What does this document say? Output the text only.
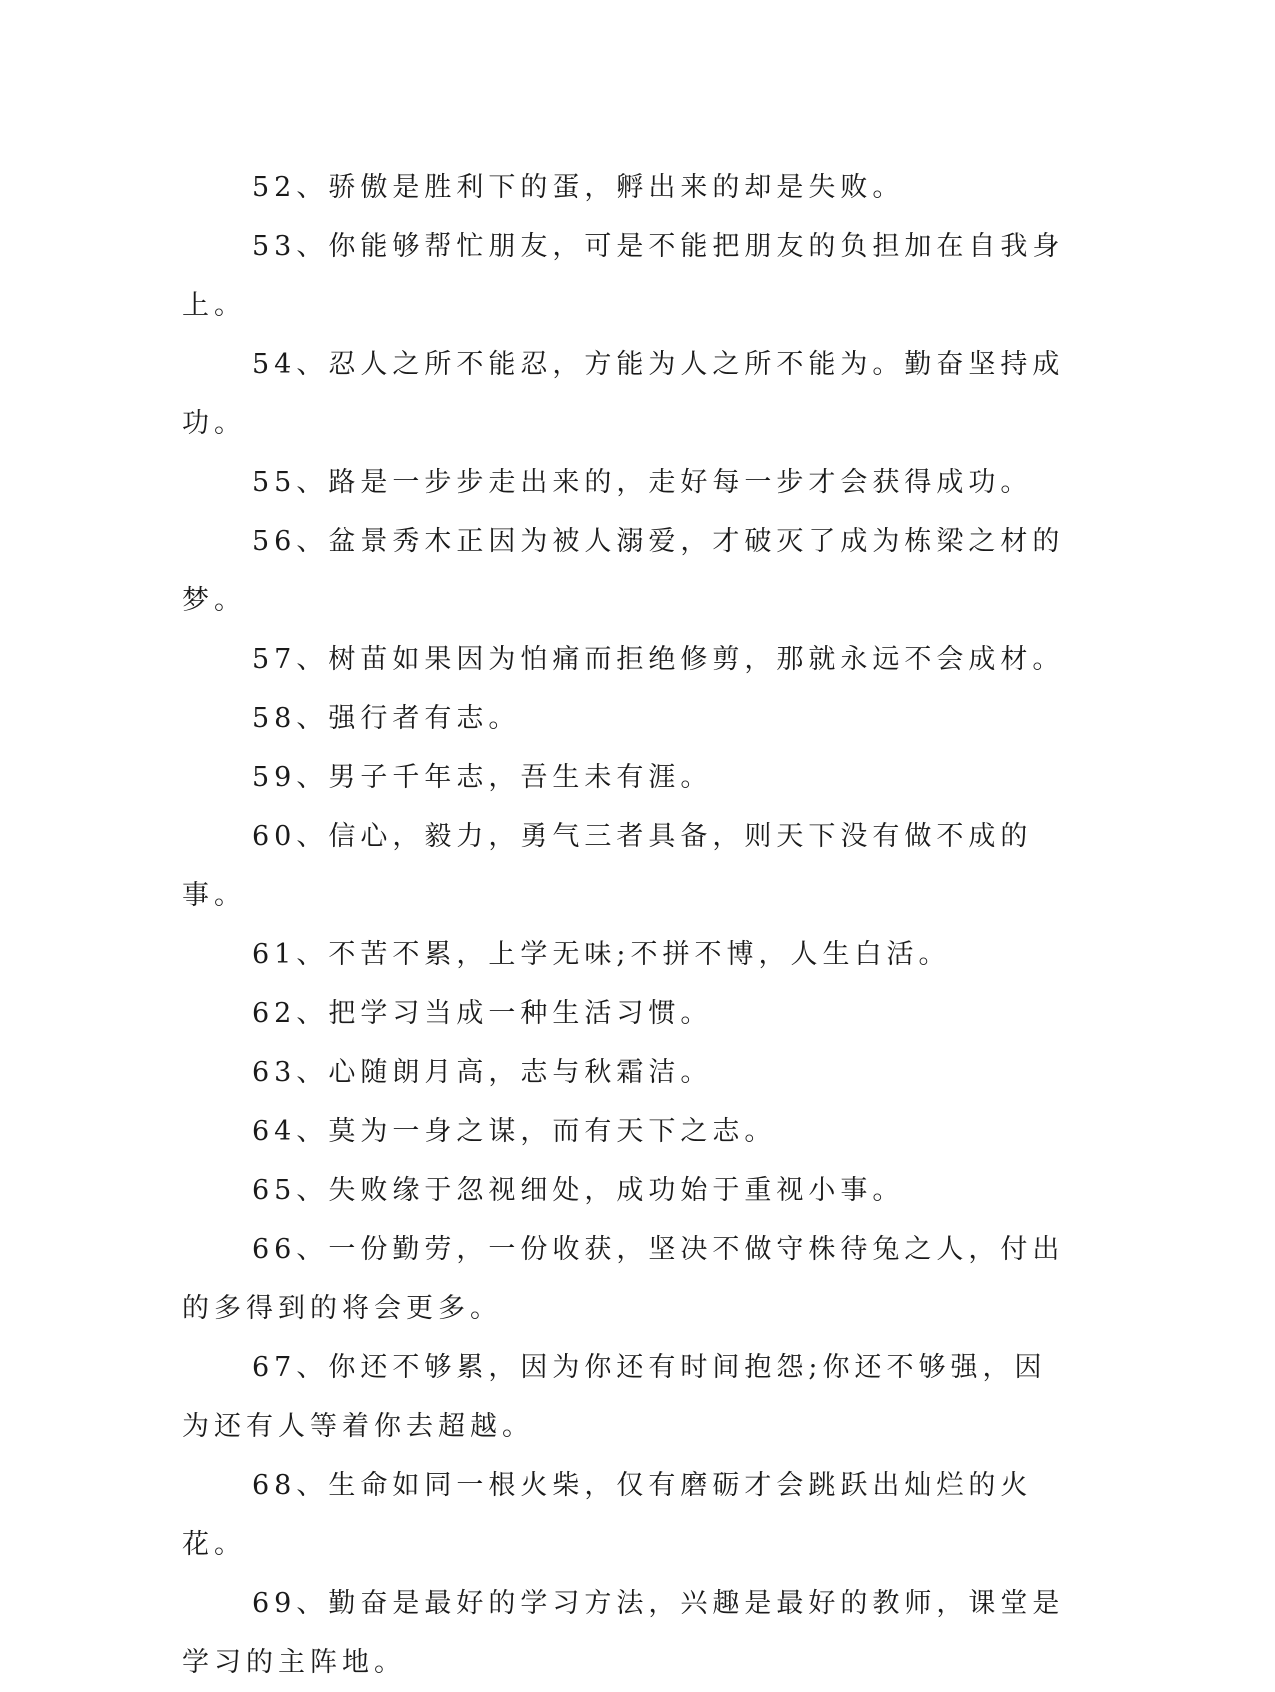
52、骄傲是胜利下的蛋，孵出来的却是失败。

53、你能够帮忙朋友，可是不能把朋友的负担加在自我身上。

54、忍人之所不能忍，方能为人之所不能为。勤奋坚持成功。

55、路是一步步走出来的，走好每一步才会获得成功。

56、盆景秀木正因为被人溺爱，才破灭了成为栋梁之材的梦。

57、树苗如果因为怕痛而拒绝修剪，那就永远不会成材。

58、强行者有志。

59、男子千年志，吾生未有涯。

60、信心，毅力，勇气三者具备，则天下没有做不成的事。

61、不苦不累，上学无味;不拼不博，人生白活。

62、把学习当成一种生活习惯。

63、心随朗月高，志与秋霜洁。

64、莫为一身之谋，而有天下之志。

65、失败缘于忽视细处，成功始于重视小事。

66、一份勤劳，一份收获，坚决不做守株待兔之人，付出的多得到的将会更多。

67、你还不够累，因为你还有时间抱怨;你还不够强，因为还有人等着你去超越。

68、生命如同一根火柴，仅有磨砺才会跳跃出灿烂的火花。

69、勤奋是最好的学习方法，兴趣是最好的教师，课堂是学习的主阵地。
